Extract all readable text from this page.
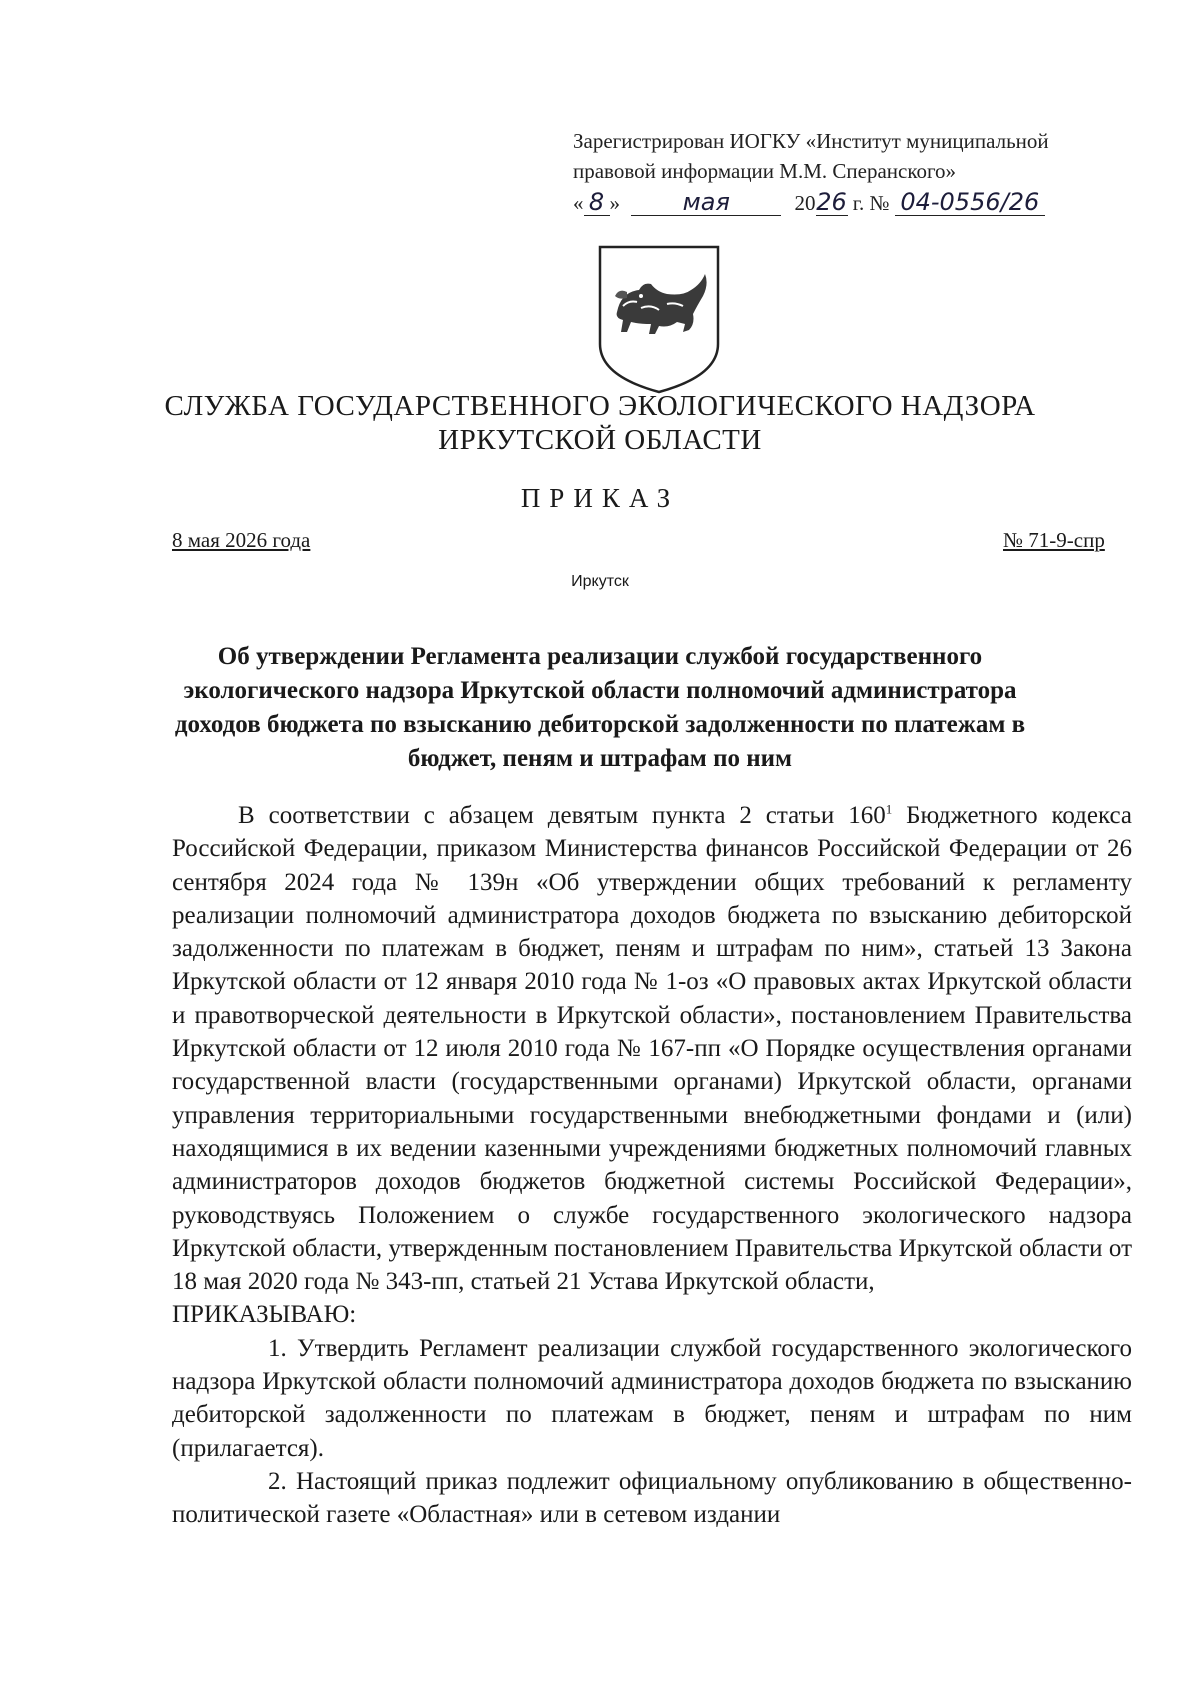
Зарегистрирован ИОГКУ «Институт муниципальной
правовой информации М.М. Сперанского»
« 8 »	мая	2026 г. № 04-0556/26
СЛУЖБА ГОСУДАРСТВЕННОГО ЭКОЛОГИЧЕСКОГО НАДЗОРА
ИРКУТСКОЙ ОБЛАСТИ
ПРИКАЗ
8 мая 2026 года	№ 71-9-спр
Иркутск
Об утверждении Регламента реализации службой государственного экологического надзора Иркутской области полномочий администратора доходов бюджета по взысканию дебиторской задолженности по платежам в бюджет, пеням и штрафам по ним

В соответствии с абзацем девятым пункта 2 статьи $160^1$ Бюджетного кодекса Российской Федерации, приказом Министерства финансов Российской Федерации от 26 сентября 2024 года № 139н «Об утверждении общих требований к регламенту реализации полномочий администратора доходов бюджета по взысканию дебиторской задолженности по платежам в бюджет, пеням и штрафам по ним», статьей 13 Закона Иркутской области от 12 января 2010 года № 1-оз «О правовых актах Иркутской области и правотворческой деятельности в Иркутской области», постановлением Правительства Иркутской области от 12 июля 2010 года № 167-пп «О Порядке осуществления органами государственной власти (государственными органами) Иркутской области, органами управления территориальными государственными внебюджетными фондами и (или) находящимися в их ведении казенными учреждениями бюджетных полномочий главных администраторов доходов бюджетов бюджетной системы Российской Федерации», руководствуясь Положением о службе государственного экологического надзора Иркутской области, утвержденным постановлением Правительства Иркутской области от 18 мая 2020 года № 343-пп, статьей 21 Устава Иркутской области,

ПРИКАЗЫВАЮ:

1. Утвердить Регламент реализации службой государственного экологического надзора Иркутской области полномочий администратора доходов бюджета по взысканию дебиторской задолженности по платежам в бюджет, пеням и штрафам по ним (прилагается).

2. Настоящий приказ подлежит официальному опубликованию в общественно-политической газете «Областная» или в сетевом издании
